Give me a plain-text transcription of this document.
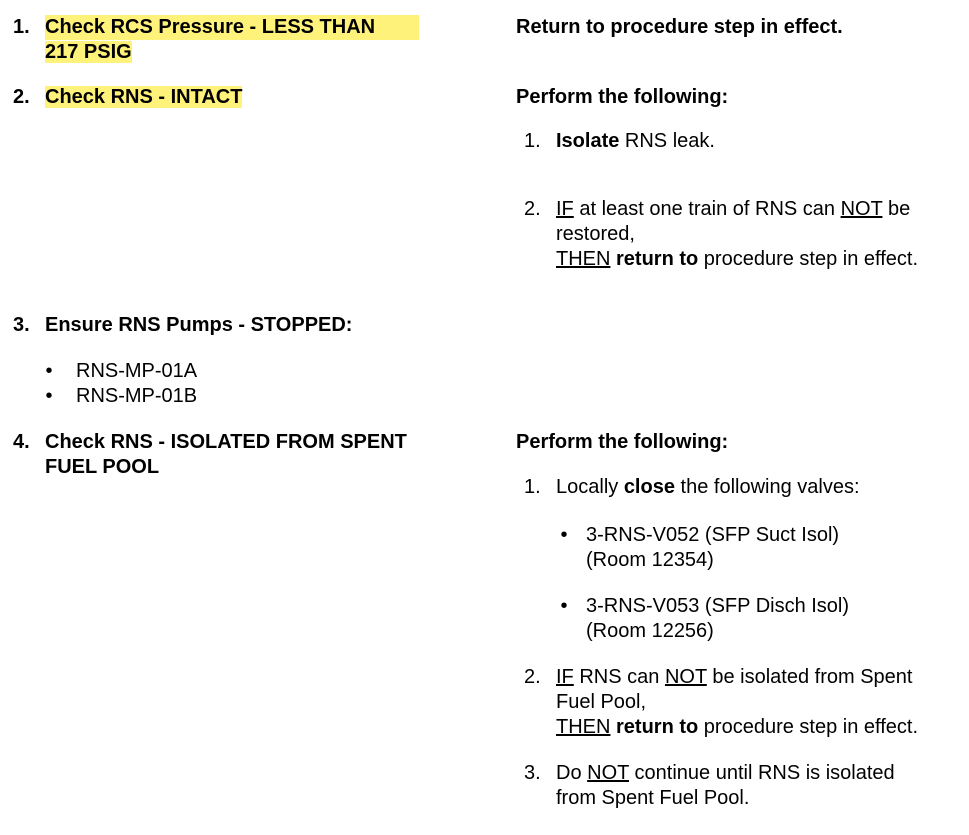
1. Check RCS Pressure - LESS THAN
217 PSIG
Return to procedure step in effect.
2. Check RNS - INTACT	Perform the following:
1. Isolate RNS leak.
2. IF at least one train of RNS can NOT be
restored,
THEN return to procedure step in effect.
3. Ensure RNS Pumps - STOPPED:
• RNS-MP-01A
• RNS-MP-01B
4. Check RNS - ISOLATED FROM SPENT
FUEL POOL
Perform the following:
1. Locally close the following valves:
• 3-RNS-V052 (SFP Suct Isol)
(Room 12354)
• 3-RNS-V053 (SFP Disch Isol)
(Room 12256)
2. IF RNS can NOT be isolated from Spent
Fuel Pool,
THEN return to procedure step in effect.
3. Do NOT continue until RNS is isolated
from Spent Fuel Pool.
